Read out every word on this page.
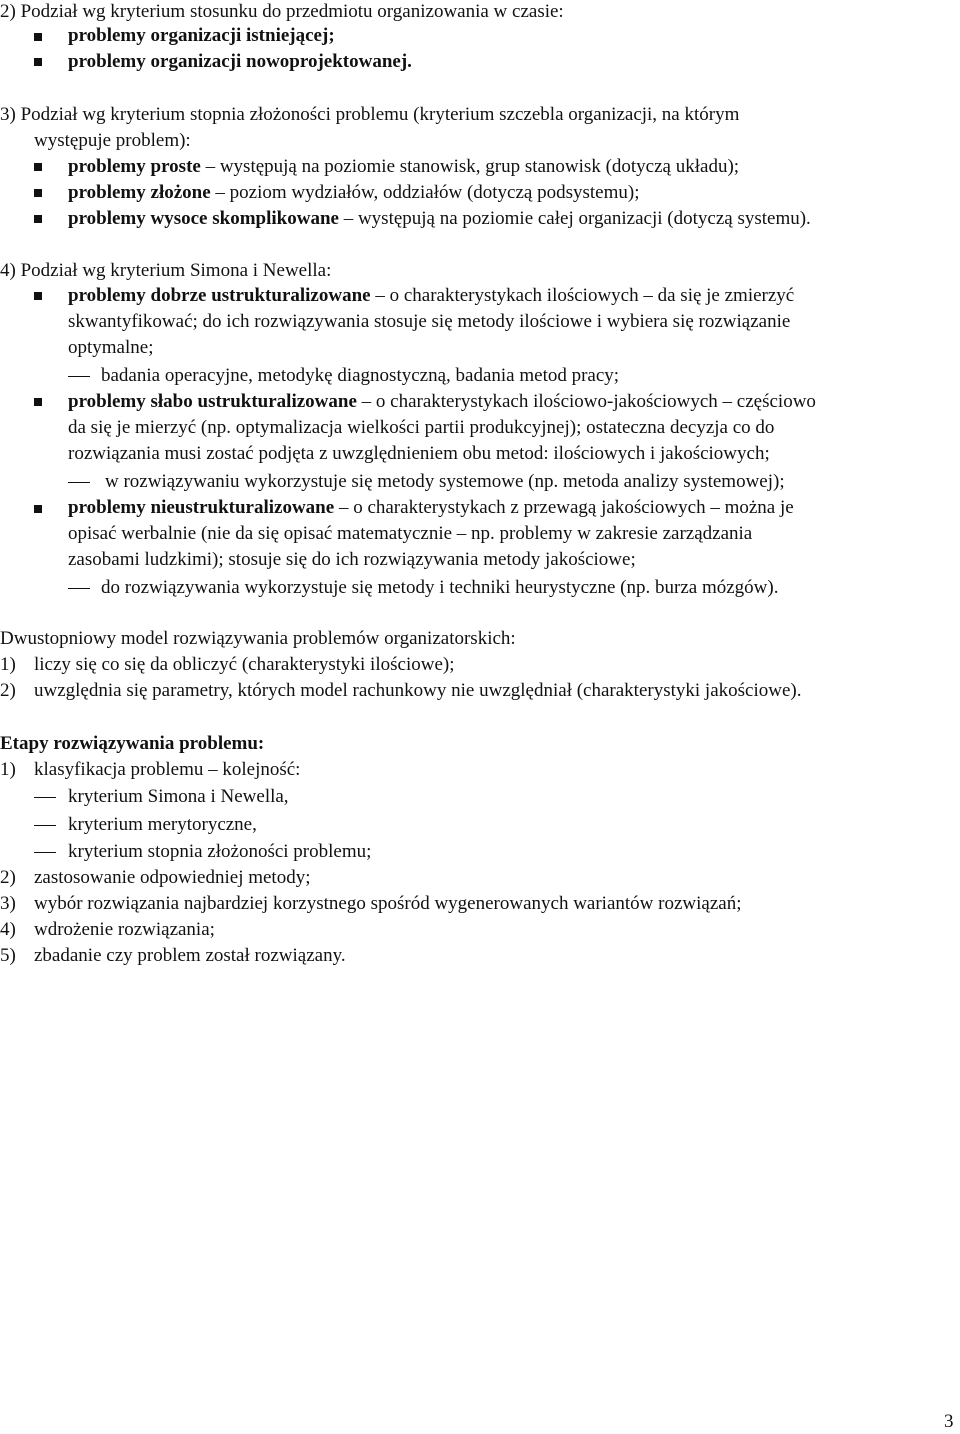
2) Podział wg kryterium stosunku do przedmiotu organizowania w czasie:
problemy organizacji istniejącej;
problemy organizacji nowoprojektowanej.
3) Podział wg kryterium stopnia złożoności problemu (kryterium szczebla organizacji, na którym
występuje problem):
problemy proste – występują na poziomie stanowisk, grup stanowisk (dotyczą układu);
problemy złożone – poziom wydziałów, oddziałów (dotyczą podsystemu);
problemy wysoce skomplikowane – występują na poziomie całej organizacji (dotyczą systemu).
4) Podział wg kryterium Simona i Newella:
problemy dobrze ustrukturalizowane – o charakterystykach ilościowych – da się je zmierzyć
skwantyfikować; do ich rozwiązywania stosuje się metody ilościowe i wybiera się rozwiązanie
optymalne;
badania operacyjne, metodykę diagnostyczną, badania metod pracy;
problemy słabo ustrukturalizowane – o charakterystykach ilościowo-jakościowych – częściowo
da się je mierzyć (np. optymalizacja wielkości partii produkcyjnej); ostateczna decyzja co do
rozwiązania musi zostać podjęta z uwzględnieniem obu metod: ilościowych i jakościowych;
w rozwiązywaniu wykorzystuje się metody systemowe (np. metoda analizy systemowej);
problemy nieustrukturalizowane – o charakterystykach z przewagą jakościowych – można je
opisać werbalnie (nie da się opisać matematycznie – np. problemy w zakresie zarządzania
zasobami ludzkimi); stosuje się do ich rozwiązywania metody jakościowe;
do rozwiązywania wykorzystuje się metody i techniki heurystyczne (np. burza mózgów).
Dwustopniowy model rozwiązywania problemów organizatorskich:
1) liczy się co się da obliczyć (charakterystyki ilościowe);
2) uwzględnia się parametry, których model rachunkowy nie uwzględniał (charakterystyki jakościowe).
Etapy rozwiązywania problemu:
1) klasyfikacja problemu – kolejność:
kryterium Simona i Newella,
kryterium merytoryczne,
kryterium stopnia złożoności problemu;
2) zastosowanie odpowiedniej metody;
3) wybór rozwiązania najbardziej korzystnego spośród wygenerowanych wariantów rozwiązań;
4) wdrożenie rozwiązania;
5) zbadanie czy problem został rozwiązany.
3
